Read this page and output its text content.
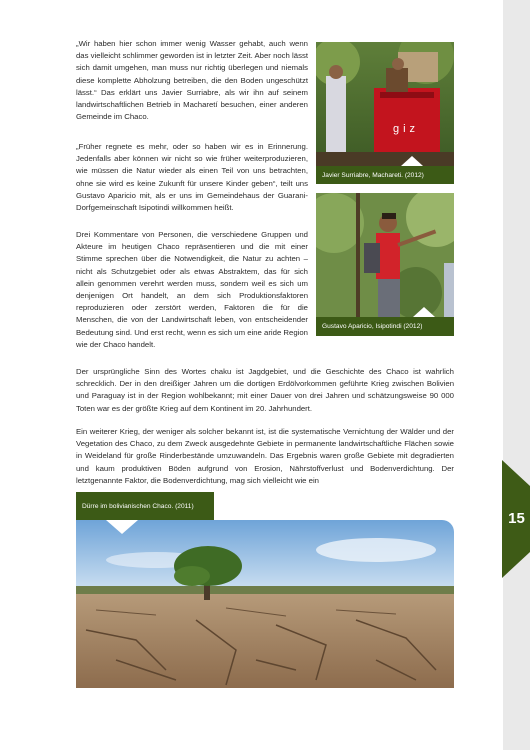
15

„Wir haben hier schon immer wenig Wasser gehabt, auch wenn das vielleicht schlimmer geworden ist in letzter Zeit. Aber noch lässt sich damit umgehen, man muss nur richtig überlegen und niemals diese komplette Abholzung betreiben, die den Boden ungeschützt lässt.“ Das erklärt uns Javier Surriabre, als wir ihn auf seinem landwirtschaftlichen Betrieb in Macharetí besuchen, einer anderen Gemeinde im Chaco.

„Früher regnete es mehr, oder so haben wir es in Erinnerung. Jedenfalls aber können wir nicht so wie früher weiterproduzieren, wie müssen die Natur wieder als einen Teil von uns betrachten, ohne sie wird es keine Zukunft für unsere Kinder geben“, teilt uns Gustavo Aparicio mit, als er uns im Gemeindehaus der Guarani-Dorfgemeinschaft Isipotindi willkommen heißt.

Drei Kommentare von Personen, die verschiedene Gruppen und Akteure im heutigen Chaco repräsentieren und die mit einer Stimme sprechen über die Notwendigkeit, die Natur zu achten – nicht als Schutzgebiet oder als etwas Abstraktem, das für sich allein genommen verehrt werden muss, sondern weil es sich um denjenigen Ort handelt, an dem sich Produktionsfaktoren reproduzieren oder zerstört werden, Faktoren die für die Menschen, die von der Landwirtschaft leben, von entscheidender Bedeutung sind. Und erst recht, wenn es sich um eine aride Region wie der Chaco handelt.

Der ursprüngliche Sinn des Wortes chaku ist Jagdgebiet, und die Geschichte des Chaco ist wahrlich schrecklich. Der in den dreißiger Jahren um die dortigen Erdölvorkommen geführte Krieg zwischen Bolivien und Paraguay ist in der Region wohlbekannt; mit einer Dauer von drei Jahren und schätzungsweise 90 000 Toten war es der größte Krieg auf dem Kontinent im 20. Jahrhundert.

Ein weiterer Krieg, der weniger als solcher bekannt ist, ist die systematische Vernichtung der Wälder und der Vegetation des Chaco, zu dem Zweck ausgedehnte Gebiete in permanente landwirtschaftliche Flächen sowie in Weideland für große Rinderbestände umzuwandeln. Das Ergebnis waren große Gebiete mit degradierten und kaum produktiven Böden aufgrund von Erosion, Nährstoffverlust und Bodenverdichtung. Der letztgenannte Faktor, die Bodenverdichtung, mag sich vielleicht wie ein

giz
Javier Surriabre, Machareti. (2012)
Gustavo Aparicio, Isipotindi (2012)
Dürre im bolivianischen Chaco. (2011)
